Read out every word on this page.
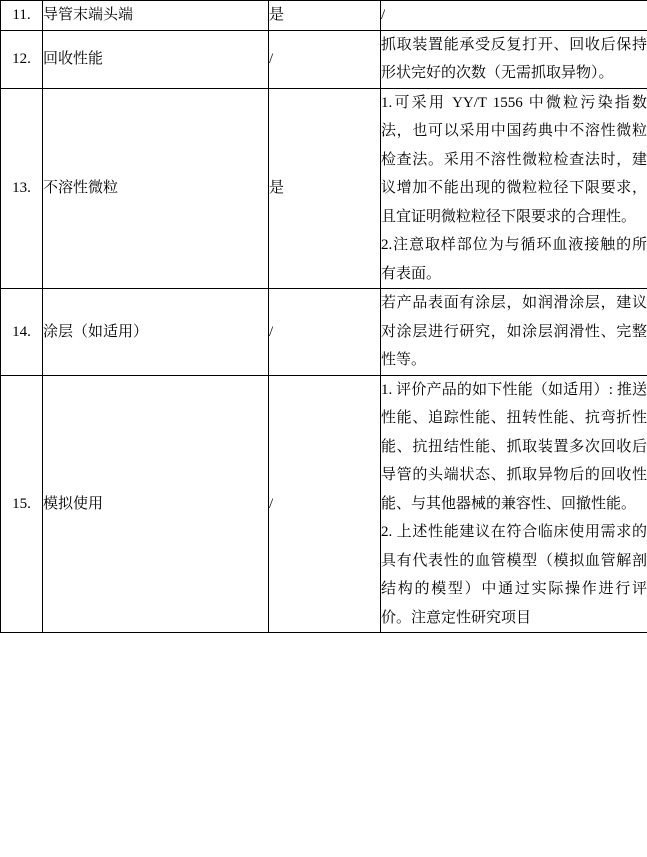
11.	导管末端头端	是	/

12.	回收性能	/	抓取装置能承受反复打开、回收后保持形状完好的次数（无需抓取异物）。

13.	不溶性微粒	是	1.可采用 YY/T 1556 中微粒污染指数法，也可以采用中国药典中不溶性微粒检查法。采用不溶性微粒检查法时，建议增加不能出现的微粒粒径下限要求，且宜证明微粒粒径下限要求的合理性。

2.注意取样部位为与循环血液接触的所有表面。

14.	涂层（如适用）	/	若产品表面有涂层，如润滑涂层，建议对涂层进行研究，如涂层润滑性、完整性等。

15.	模拟使用	/	1. 评价产品的如下性能（如适用）: 推送性能、追踪性能、扭转性能、抗弯折性能、抗扭结性能、抓取装置多次回收后导管的头端状态、抓取异物后的回收性能、与其他器械的兼容性、回撤性能。

2. 上述性能建议在符合临床使用需求的具有代表性的血管模型（模拟血管解剖结构的模型）中通过实际操作进行评价。注意定性研究项目
